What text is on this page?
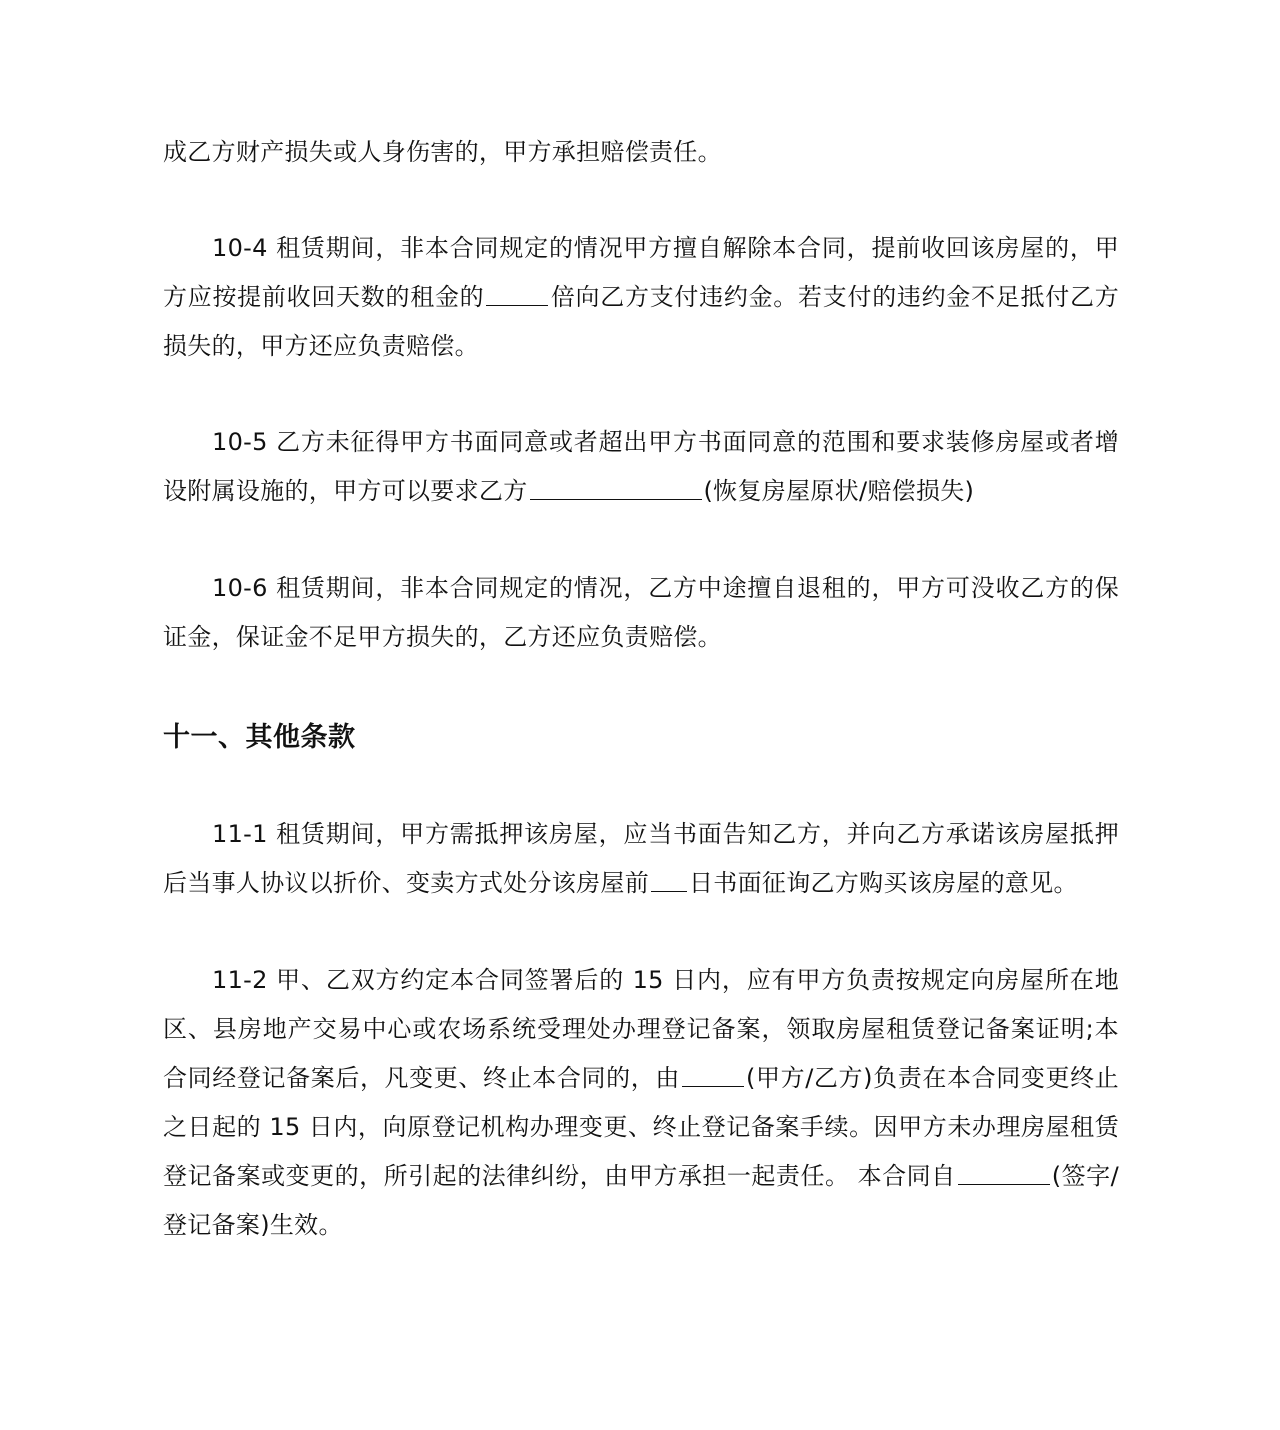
成乙方财产损失或人身伤害的，甲方承担赔偿责任。

10-4 租赁期间，非本合同规定的情况甲方擅自解除本合同，提前收回该房屋的，甲方应按提前收回天数的租金的	倍向乙方支付违约金。若支付的违约金不足抵付乙方损失的，甲方还应负责赔偿。

10-5 乙方未征得甲方书面同意或者超出甲方书面同意的范围和要求装修房屋或者增设附属设施的，甲方可以要求乙方	(恢复房屋原状/赔偿损失)

10-6 租赁期间，非本合同规定的情况，乙方中途擅自退租的，甲方可没收乙方的保证金，保证金不足甲方损失的，乙方还应负责赔偿。

十一、其他条款

11-1 租赁期间，甲方需抵押该房屋，应当书面告知乙方，并向乙方承诺该房屋抵押后当事人协议以折价、变卖方式处分该房屋前 日书面征询乙方购买该房屋的意见。

11-2 甲、乙双方约定本合同签署后的 15 日内，应有甲方负责按规定向房屋所在地区、县房地产交易中心或农场系统受理处办理登记备案，领取房屋租赁登记备案证明;本合同经登记备案后，凡变更、终止本合同的，由	(甲方/乙方)负责在本合同变更终止之日起的 15 日内，向原登记机构办理变更、终止登记备案手续。因甲方未办理房屋租赁登记备案或变更的，所引起的法律纠纷，由甲方承担一起责任。 本合同自	(签字/登记备案)生效。
